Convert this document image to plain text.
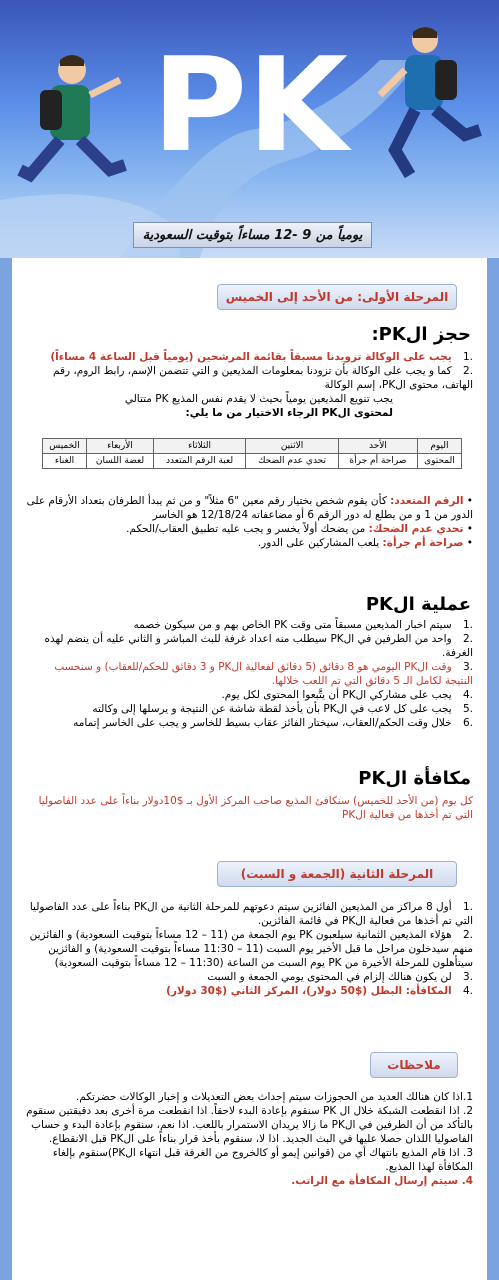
PK
يومياً من 9 -12 مساءاً بتوقيت السعودية
المرحلة الأولى: من الأحد إلى الخميس
حجز الPK:

.1 يجب على الوكالة تزويدنا مسبقاً بقائمة المرشحين (يومياً قبل الساعة 4 مساءاً)

.2 كما و يجب على الوكالة بأن تزودنا بمعلومات المذيعين و التي تتضمن الإسم، رابط الروم، رقم الهاتف، محتوى الPK، إسم الوكالة

يجب تنويع المذيعين يومياً بحيث لا يقدم نفس المذيع PK متتالي

لمحتوى الPK الرجاء الاختيار من ما يلي:

اليوم	الأحد	الاثنين	الثلاثاء	الأربعاء	الخميس
المحتوى	صراحة أم جرأة	تحدي عدم الضحك	لعبة الرقم المتعدد	لعضة اللسان	الغناء

• الرقم المتعدد: كأن يقوم شخص بختيار رقم معين "6 مثلاً" و من ثم يبدأ الطرفان بتعداد الأرقام على الدور من 1 و من يطلع له دور الرقم 6 أو مضاعفاته 12/18/24 هو الخاسر

• تحدي عدم الضحك: من يضحك أولاً يخسر و يجب عليه تطبيق العقاب/الحكم.

• صراحة أم جرأة: يلعب المشاركين على الدور.

عملية الPK

.1 سيتم اخبار المذيعين مسبقاً متى وقت PK الخاص بهم و من سيكون خصمه

.2 واحد من الطرفين في الPK سيطلب منه اعداد غرفة للبث المباشر و الثاني عليه أن ينضم لهذه الغرفة.

.3 وقت الPK اليومي هو 8 دقائق (5 دقائق لفعالية الPK و 3 دقائق للحكم/للعقاب) و سنحسب النتيجة لكامل الـ 5 دقائق التي تم اللعب خلالها.

.4 يجب على مشاركي الPK أن يتَّبعوا المحتوى لكل يوم.

.5 يجب على كل لاعب في الPK بأن يأخذ لقطة شاشة عن النتيجة و يرسلها إلى وكالته

.6 خلال وقت الحكم/العقاب، سيختار الفائز عقاب بسيط للخاسر و يجب على الخاسر إتمامه

مكافأة الPK
كل يوم (من الأحد للخميس) سنكافئ المذيع صاحب المركز الأول بـ $10دولار بناءاً على عدد الفاصوليا التي تم أخذها من فعالية الPK
المرحلة الثانية (الجمعة و السبت)

.1 أول 8 مراكز من المذيعين الفائزين سيتم دعوتهم للمرحلة الثانية من الPK بناءاً على عدد الفاصوليا التي تم أخذها من فعالية الPK في قائمة الفائزين.

.2 هؤلاء المذيعين الثمانية سيلعبون PK يوم الجمعة من (11 – 12 مساءاً بتوقيت السعودية) و الفائزين منهم سيدخلون مراحل ما قبل الأخير يوم السبت (11 – 11:30 مساءاً بتوقيت السعودية) و الفائزين سيتأهلون للمرحلة الأخيرة من PK يوم السبت من الساعة (11:30 – 12 مساءاً بتوقيت السعودية)

.3 لن يكون هنالك إلزام في المحتوى يومي الجمعة و السبت

.4 المكافأة: البطل ($50 دولار)، المركز الثاني ($30 دولار)

ملاحظات

1.اذا كان هنالك العديد من الحجوزات سيتم إحداث بعض التعديلات و إخبار الوكالات حضرتكم.

2. اذا انقطعت الشبكة خلال ال PK سنقوم بإعادة البدء لاحقاً. اذا انقطعت مرة أخرى بعد دقيقتين سنقوم بالتأكد من أن الطرفين في الPK ما زالا يريدان الاستمرار باللعب. اذا نعم، سنقوم بإعادة البدء و حساب الفاصوليا اللذان حصلا عليها في البث الجديد. اذا لا، سنقوم بأخذ قرار بناءاً على الPK قبل الانقطاع.

3. اذا قام المذيع بانتهاك أي من (قوانين إيمو أو كالخروج من الغرفة قبل انتهاء الPK)سنقوم بإلغاء المكافأة لهذا المذيع.

4. سيتم إرسال المكافأة مع الراتب.
